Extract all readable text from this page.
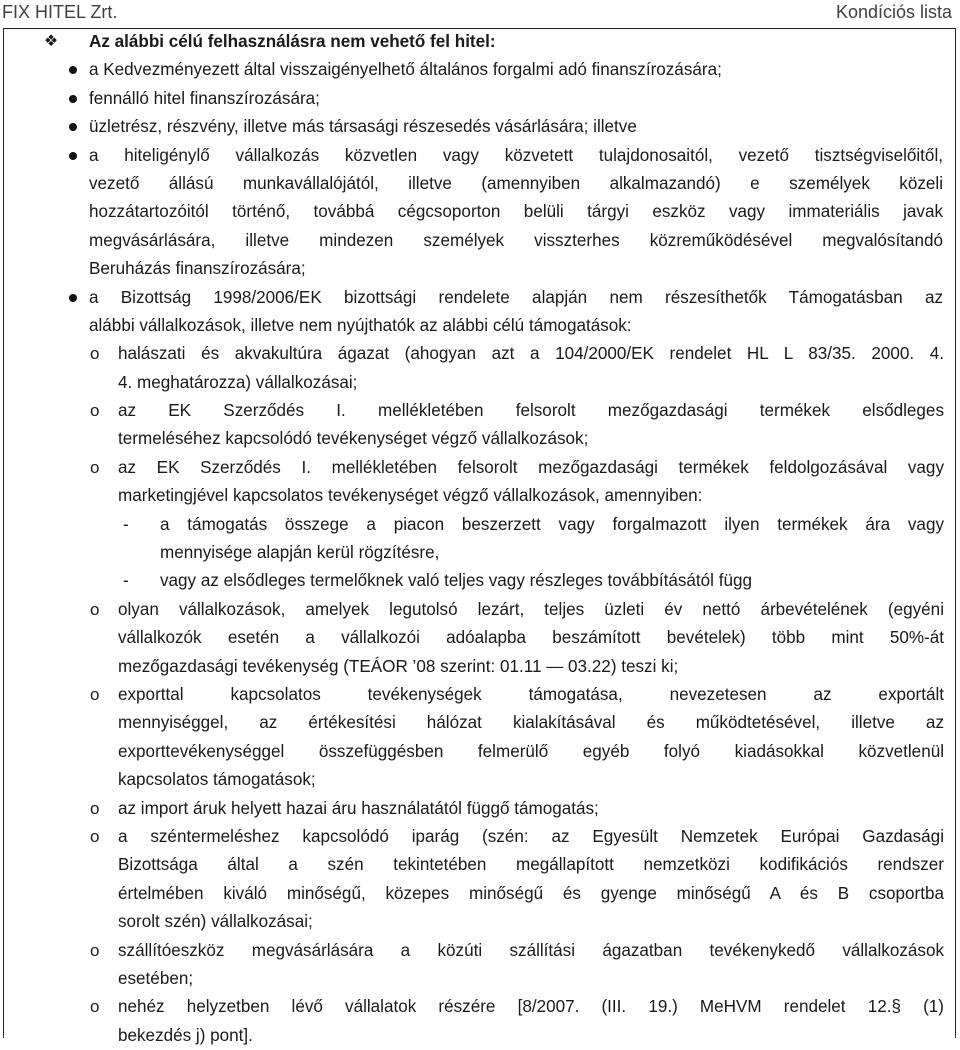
FIX HITEL Zrt.	Kondíciós lista
❖	Az alábbi célú felhasználásra nem vehető fel hitel:
a Kedvezményezett által visszaigényelhető általános forgalmi adó finanszírozására;
fennálló hitel finanszírozására;
üzletrész, részvény, illetve más társasági részesedés vásárlására; illetve
a hiteligénylő vállalkozás közvetlen vagy közvetett tulajdonosaitól, vezető tisztségviselőitől,
vezető állású munkavállalójától, illetve (amennyiben alkalmazandó) e személyek közeli
hozzátartozóitól történő, továbbá cégcsoporton belüli tárgyi eszköz vagy immateriális javak
megvásárlására, illetve mindezen személyek visszterhes közreműködésével megvalósítandó
Beruházás finanszírozására;
a Bizottság 1998/2006/EK bizottsági rendelete alapján nem részesíthetők Támogatásban az
alábbi vállalkozások, illetve nem nyújthatók az alábbi célú támogatások:
o halászati és akvakultúra ágazat (ahogyan azt a 104/2000/EK rendelet HL L 83/35. 2000. 4.
4. meghatározza) vállalkozásai;
o az EK Szerződés I. mellékletében felsorolt mezőgazdasági termékek elsődleges
termeléséhez kapcsolódó tevékenységet végző vállalkozások;
o az EK Szerződés I. mellékletében felsorolt mezőgazdasági termékek feldolgozásával vagy
marketingjével kapcsolatos tevékenységet végző vállalkozások, amennyiben:
- a támogatás összege a piacon beszerzett vagy forgalmazott ilyen termékek ára vagy
mennyisége alapján kerül rögzítésre,
- vagy az elsődleges termelőknek való teljes vagy részleges továbbításától függ
o olyan vállalkozások, amelyek legutolsó lezárt, teljes üzleti év nettó árbevételének (egyéni
vállalkozók esetén a vállalkozói adóalapba beszámított bevételek) több mint 50%-át
mezőgazdasági tevékenység (TEÁOR ’08 szerint: 01.11 — 03.22) teszi ki;
o exporttal kapcsolatos tevékenységek támogatása, nevezetesen az exportált
mennyiséggel, az értékesítési hálózat kialakításával és működtetésével, illetve az
exporttevékenységgel összefüggésben felmerülő egyéb folyó kiadásokkal közvetlenül
kapcsolatos támogatások;
o az import áruk helyett hazai áru használatától függő támogatás;
o a széntermeléshez kapcsolódó iparág (szén: az Egyesült Nemzetek Európai Gazdasági
Bizottsága által a szén tekintetében megállapított nemzetközi kodifikációs rendszer
értelmében kiváló minőségű, közepes minőségű és gyenge minőségű A és B csoportba
sorolt szén) vállalkozásai;
o szállítóeszköz megvásárlására a közúti szállítási ágazatban tevékenykedő vállalkozások
esetében;
o nehéz helyzetben lévő vállalatok részére [8/2007. (III. 19.) MeHVM rendelet 12.§ (1)
bekezdés j) pont].
